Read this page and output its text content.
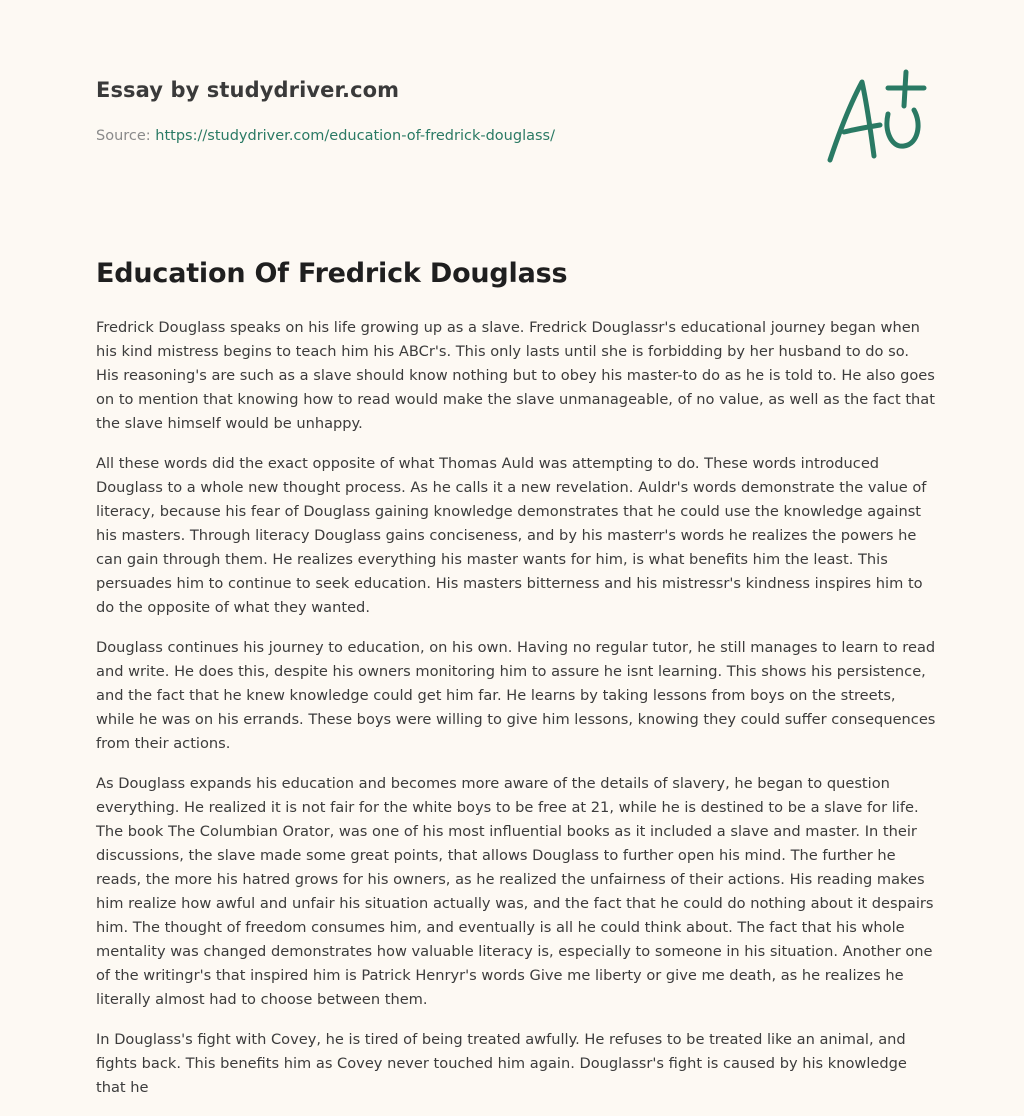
Essay by studydriver.com
Source: https://studydriver.com/education-of-fredrick-douglass/
Education Of Fredrick Douglass

Fredrick Douglass speaks on his life growing up as a slave. Fredrick Douglassr's educational journey began when his kind mistress begins to teach him his ABCr's. This only lasts until she is forbidding by her husband to do so. His reasoning's are such as a slave should know nothing but to obey his master-to do as he is told to. He also goes on to mention that knowing how to read would make the slave unmanageable, of no value, as well as the fact that the slave himself would be unhappy.

All these words did the exact opposite of what Thomas Auld was attempting to do. These words introduced Douglass to a whole new thought process. As he calls it a new revelation. Auldr's words demonstrate the value of literacy, because his fear of Douglass gaining knowledge demonstrates that he could use the knowledge against his masters. Through literacy Douglass gains conciseness, and by his masterr's words he realizes the powers he can gain through them. He realizes everything his master wants for him, is what benefits him the least. This persuades him to continue to seek education. His masters bitterness and his mistressr's kindness inspires him to do the opposite of what they wanted.

Douglass continues his journey to education, on his own. Having no regular tutor, he still manages to learn to read and write. He does this, despite his owners monitoring him to assure he isnt learning. This shows his persistence, and the fact that he knew knowledge could get him far. He learns by taking lessons from boys on the streets, while he was on his errands. These boys were willing to give him lessons, knowing they could suffer consequences from their actions.

As Douglass expands his education and becomes more aware of the details of slavery, he began to question everything. He realized it is not fair for the white boys to be free at 21, while he is destined to be a slave for life. The book The Columbian Orator, was one of his most influential books as it included a slave and master. In their discussions, the slave made some great points, that allows Douglass to further open his mind. The further he reads, the more his hatred grows for his owners, as he realized the unfairness of their actions. His reading makes him realize how awful and unfair his situation actually was, and the fact that he could do nothing about it despairs him. The thought of freedom consumes him, and eventually is all he could think about. The fact that his whole mentality was changed demonstrates how valuable literacy is, especially to someone in his situation. Another one of the writingr's that inspired him is Patrick Henryr's words Give me liberty or give me death, as he realizes he literally almost had to choose between them.

In Douglass's fight with Covey, he is tired of being treated awfully. He refuses to be treated like an animal, and fights back. This benefits him as Covey never touched him again. Douglassr's fight is caused by his knowledge that he
